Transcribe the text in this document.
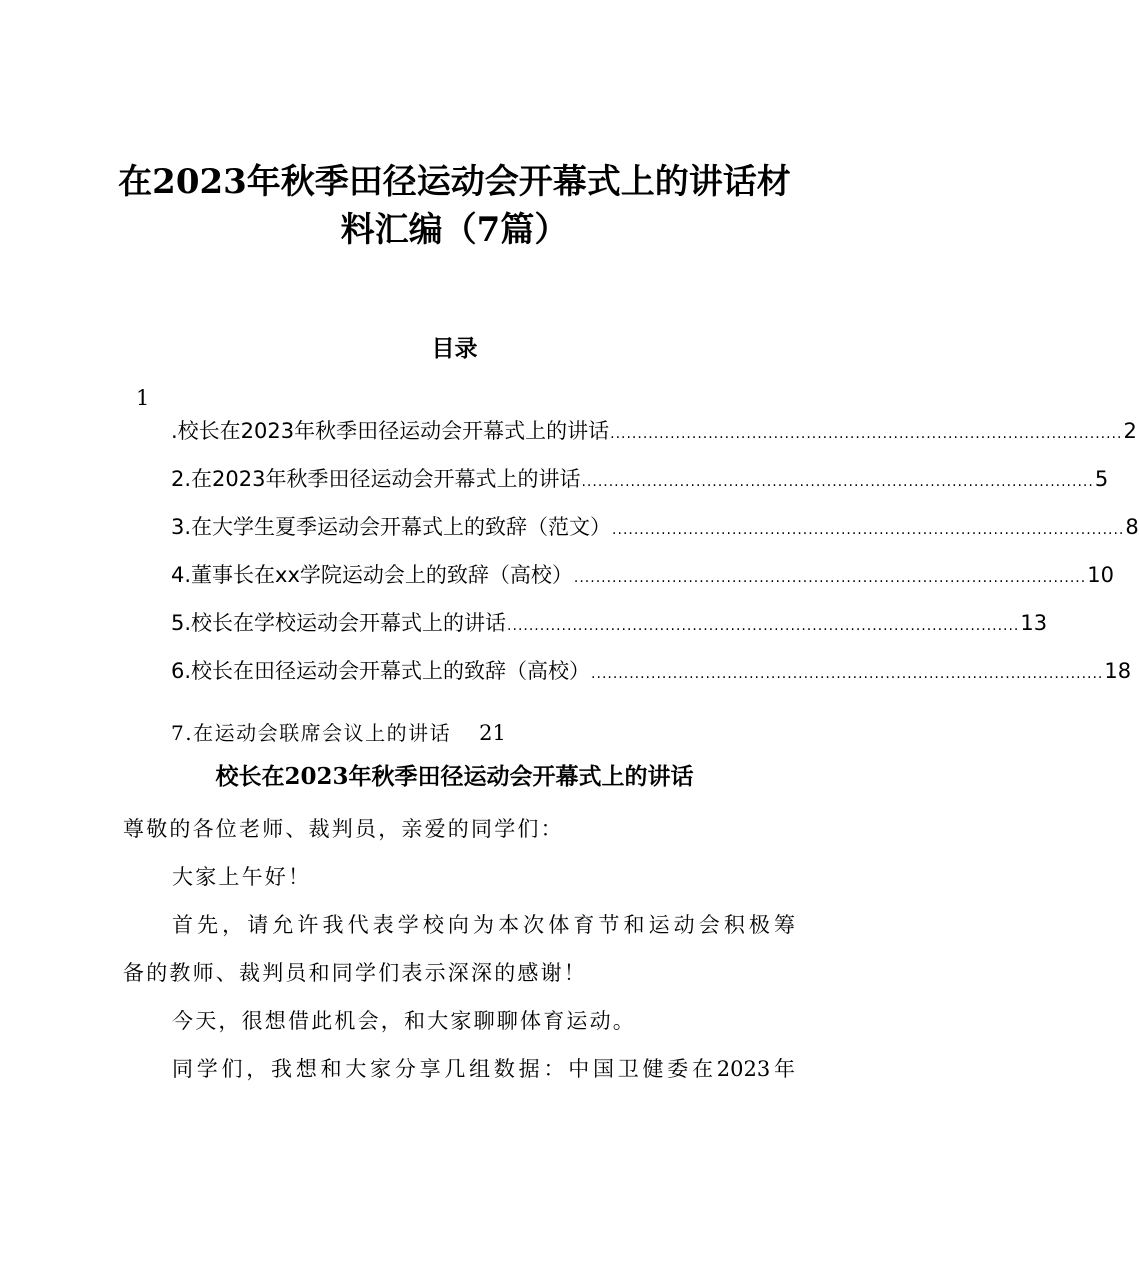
在2023年秋季田径运动会开幕式上的讲话材
料汇编（7篇）
目录
1
.校长在2023年秋季田径运动会开幕式上的讲话 .............................................................................................. 2
2.在2023年秋季田径运动会开幕式上的讲话 .............................................................................................. 5
3.在大学生夏季运动会开幕式上的致辞（范文） .............................................................................................. 8
4.董事长在xx学院运动会上的致辞（高校） .............................................................................................. 10
5.校长在学校运动会开幕式上的讲话 .............................................................................................. 13
6.校长在田径运动会开幕式上的致辞（高校） .............................................................................................. 18
7.在运动会联席会议上的讲话 21
校长在2023年秋季田径运动会开幕式上的讲话
尊敬的各位老师、裁判员，亲爱的同学们：
大家上午好！
首先，请允许我代表学校向为本次体育节和运动会积极筹
备的教师、裁判员和同学们表示深深的感谢！
今天，很想借此机会，和大家聊聊体育运动。
同学们，我想和大家分享几组数据：中国卫健委在2023年
